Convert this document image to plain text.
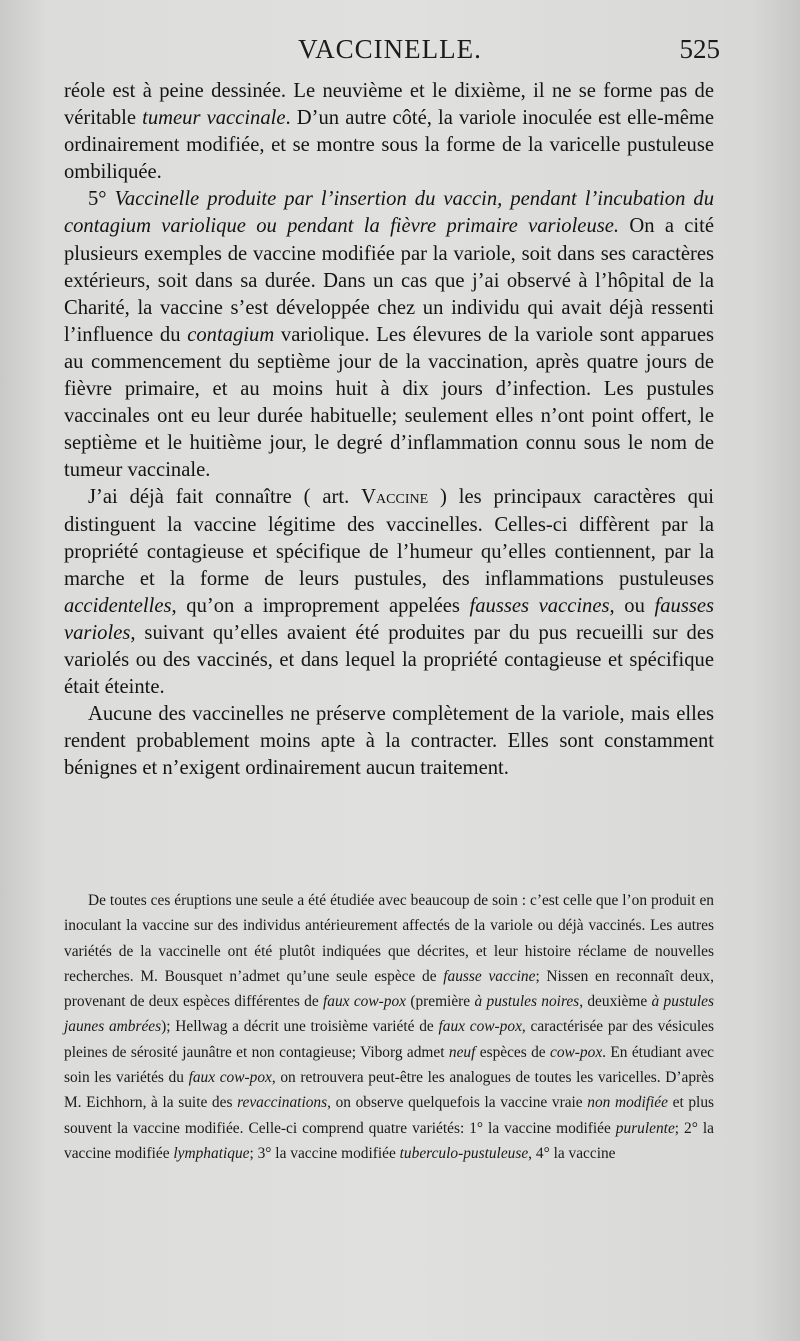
VACCINELLE.	525

réole est à peine dessinée. Le neuvième et le dixième, il ne se forme pas de véritable tumeur vaccinale. D’un autre côté, la variole inoculée est elle-même ordinairement modifiée, et se montre sous la forme de la varicelle pustuleuse ombiliquée.

5° Vaccinelle produite par l’insertion du vaccin, pendant l’incubation du contagium variolique ou pendant la fièvre primaire varioleuse. On a cité plusieurs exemples de vaccine modifiée par la variole, soit dans ses caractères extérieurs, soit dans sa durée. Dans un cas que j’ai observé à l’hôpital de la Charité, la vaccine s’est développée chez un individu qui avait déjà ressenti l’influence du contagium variolique. Les élevures de la variole sont apparues au commencement du septième jour de la vaccination, après quatre jours de fièvre primaire, et au moins huit à dix jours d’infection. Les pustules vaccinales ont eu leur durée habituelle; seulement elles n’ont point offert, le septième et le huitième jour, le degré d’inflammation connu sous le nom de tumeur vaccinale.

J’ai déjà fait connaître ( art. Vaccine ) les principaux caractères qui distinguent la vaccine légitime des vaccinelles. Celles-ci diffèrent par la propriété contagieuse et spécifique de l’humeur qu’elles contiennent, par la marche et la forme de leurs pustules, des inflammations pustuleuses accidentelles, qu’on a improprement appelées fausses vaccines, ou fausses varioles, suivant qu’elles avaient été produites par du pus recueilli sur des variolés ou des vaccinés, et dans lequel la propriété contagieuse et spécifique était éteinte.

Aucune des vaccinelles ne préserve complètement de la variole, mais elles rendent probablement moins apte à la contracter. Elles sont constamment bénignes et n’exigent ordinairement aucun traitement.

De toutes ces éruptions une seule a été étudiée avec beaucoup de soin : c’est celle que l’on produit en inoculant la vaccine sur des individus antérieurement affectés de la variole ou déjà vaccinés. Les autres variétés de la vaccinelle ont été plutôt indiquées que décrites, et leur histoire réclame de nouvelles recherches. M. Bousquet n’admet qu’une seule espèce de fausse vaccine; Nissen en reconnaît deux, provenant de deux espèces différentes de faux cow-pox (première à pustules noires, deuxième à pustules jaunes ambrées); Hellwag a décrit une troisième variété de faux cow-pox, caractérisée par des vésicules pleines de sérosité jaunâtre et non contagieuse; Viborg admet neuf espèces de cow-pox. En étudiant avec soin les variétés du faux cow-pox, on retrouvera peut-être les analogues de toutes les varicelles. D’après M. Eichhorn, à la suite des revaccinations, on observe quelquefois la vaccine vraie non modifiée et plus souvent la vaccine modifiée. Celle-ci comprend quatre variétés: 1° la vaccine modifiée purulente; 2° la vaccine modifiée lymphatique; 3° la vaccine modifiée tuberculo-pustuleuse, 4° la vaccine
